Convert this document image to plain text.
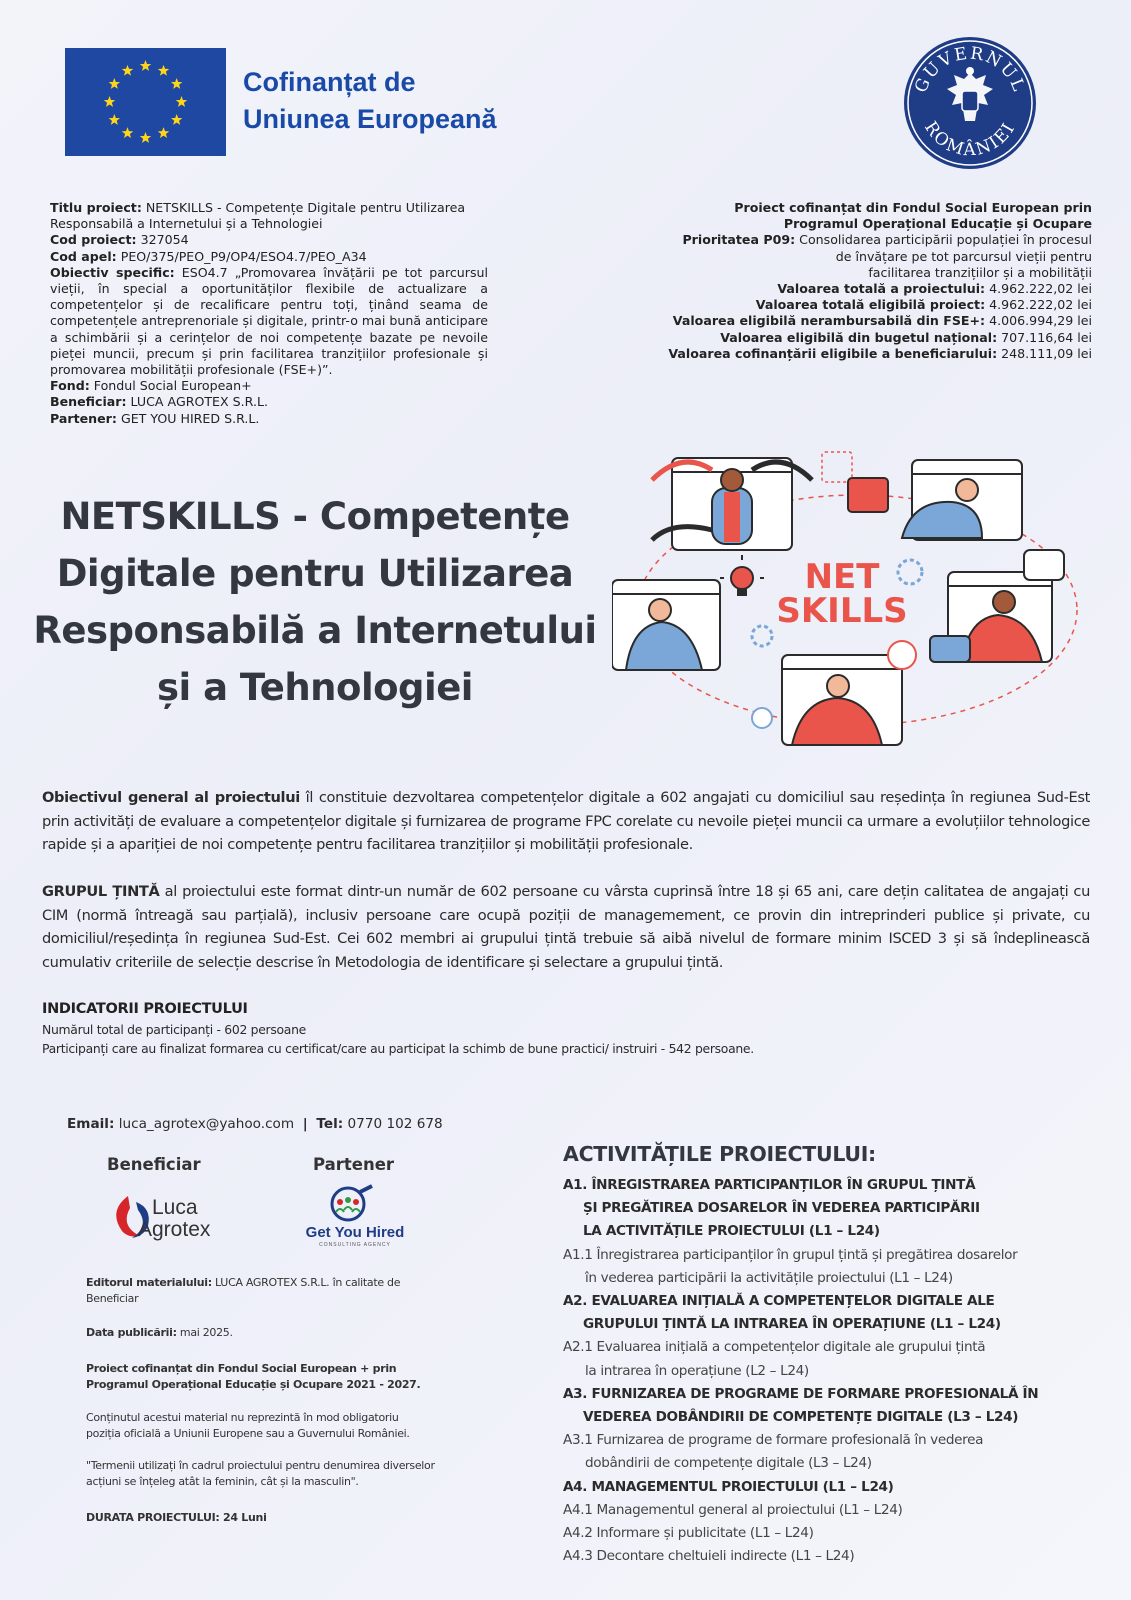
Cofinanțat de
Uniunea Europeană
GUVERNUL
ROMÂNIEI
Titlu proiect: NETSKILLS - Competențe Digitale pentru Utilizarea
Responsabilă a Internetului și a Tehnologiei
Cod proiect: 327054
Cod apel: PEO/375/PEO_P9/OP4/ESO4.7/PEO_A34
Obiectiv specific: ESO4.7 „Promovarea învățării pe tot parcursul vieții, în special a oportunităților flexibile de actualizare a competențelor și de recalificare pentru toți, ținând seama de competențele antreprenoriale și digitale, printr-o mai bună anticipare a schimbării și a cerințelor de noi competențe bazate pe nevoile pieței muncii, precum și prin facilitarea tranzițiilor profesionale și promovarea mobilității profesionale (FSE+)”.
Fond: Fondul Social European+
Beneficiar: LUCA AGROTEX S.R.L.
Partener: GET YOU HIRED S.R.L.
Proiect cofinanțat din Fondul Social European prin
Programul Operațional Educație și Ocupare
Prioritatea P09: Consolidarea participării populației în procesul
de învățare pe tot parcursul vieții pentru
facilitarea tranzițiilor și a mobilității
Valoarea totală a proiectului: 4.962.222,02 lei
Valoarea totală eligibilă proiect: 4.962.222,02 lei
Valoarea eligibilă nerambursabilă din FSE+: 4.006.994,29 lei
Valoarea eligibilă din bugetul național: 707.116,64 lei
Valoarea cofinanțării eligibile a beneficiarului: 248.111,09 lei
NETSKILLS - Competențe
Digitale pentru Utilizarea
Responsabilă a Internetului
și a Tehnologiei
NET
SKILLS
Obiectivul general al proiectului îl constituie dezvoltarea competențelor digitale a 602 angajati cu domiciliul sau reședința în regiunea Sud-Est prin activități de evaluare a competențelor digitale și furnizarea de programe FPC corelate cu nevoile pieței muncii ca urmare a evoluțiilor tehnologice rapide și a apariției de noi competențe pentru facilitarea tranzițiilor și mobilității profesionale.
GRUPUL ȚINTĂ al proiectului este format dintr-un număr de 602 persoane cu vârsta cuprinsă între 18 și 65 ani, care dețin calitatea de angajați cu CIM (normă întreagă sau parțială), inclusiv persoane care ocupă poziții de managemement, ce provin din intreprinderi publice și private, cu domiciliul/reședința în regiunea Sud-Est. Cei 602 membri ai grupului țintă trebuie să aibă nivelul de formare minim ISCED 3 și să îndeplinească cumulativ criteriile de selecție descrise în Metodologia de identificare și selectare a grupului țintă.
INDICATORII PROIECTULUI
Numărul total de participanți - 602 persoane
Participanți care au finalizat formarea cu certificat/care au participat la schimb de bune practici/ instruiri - 542 persoane.
Email: luca_agrotex@yahoo.com | Tel: 0770 102 678
Beneficiar	Partener
Luca
Agrotex	Get You Hired
CONSULTING AGENCY
Editorul materialului: LUCA AGROTEX S.R.L. în calitate de Beneficiar
Data publicării: mai 2025.
Proiect cofinanțat din Fondul Social European + prin Programul Operațional Educație și Ocupare 2021 - 2027.
Conținutul acestui material nu reprezintă în mod obligatoriu poziția oficială a Uniunii Europene sau a Guvernului României.
"Termenii utilizați în cadrul proiectului pentru denumirea diverselor acțiuni se înțeleg atât la feminin, cât și la masculin".
DURATA PROIECTULUI: 24 Luni
ACTIVITĂȚILE PROIECTULUI:
A1. ÎNREGISTRAREA PARTICIPANȚILOR ÎN GRUPUL ȚINTĂ
ȘI PREGĂTIREA DOSARELOR ÎN VEDEREA PARTICIPĂRII
LA ACTIVITĂȚILE PROIECTULUI (L1 – L24)
A1.1 Înregistrarea participanților în grupul țintă și pregătirea dosarelor
în vederea participării la activitățile proiectului (L1 – L24)
A2. EVALUAREA INIȚIALĂ A COMPETENȚELOR DIGITALE ALE
GRUPULUI ȚINTĂ LA INTRAREA ÎN OPERAȚIUNE (L1 – L24)
A2.1 Evaluarea inițială a competențelor digitale ale grupului țintă
la intrarea în operațiune (L2 – L24)
A3. FURNIZAREA DE PROGRAME DE FORMARE PROFESIONALĂ ÎN
VEDEREA DOBÂNDIRII DE COMPETENȚE DIGITALE (L3 – L24)
A3.1 Furnizarea de programe de formare profesională în vederea
dobândirii de competențe digitale (L3 – L24)
A4. MANAGEMENTUL PROIECTULUI (L1 – L24)
A4.1 Managementul general al proiectului (L1 – L24)
A4.2 Informare și publicitate (L1 – L24)
A4.3 Decontare cheltuieli indirecte (L1 – L24)
